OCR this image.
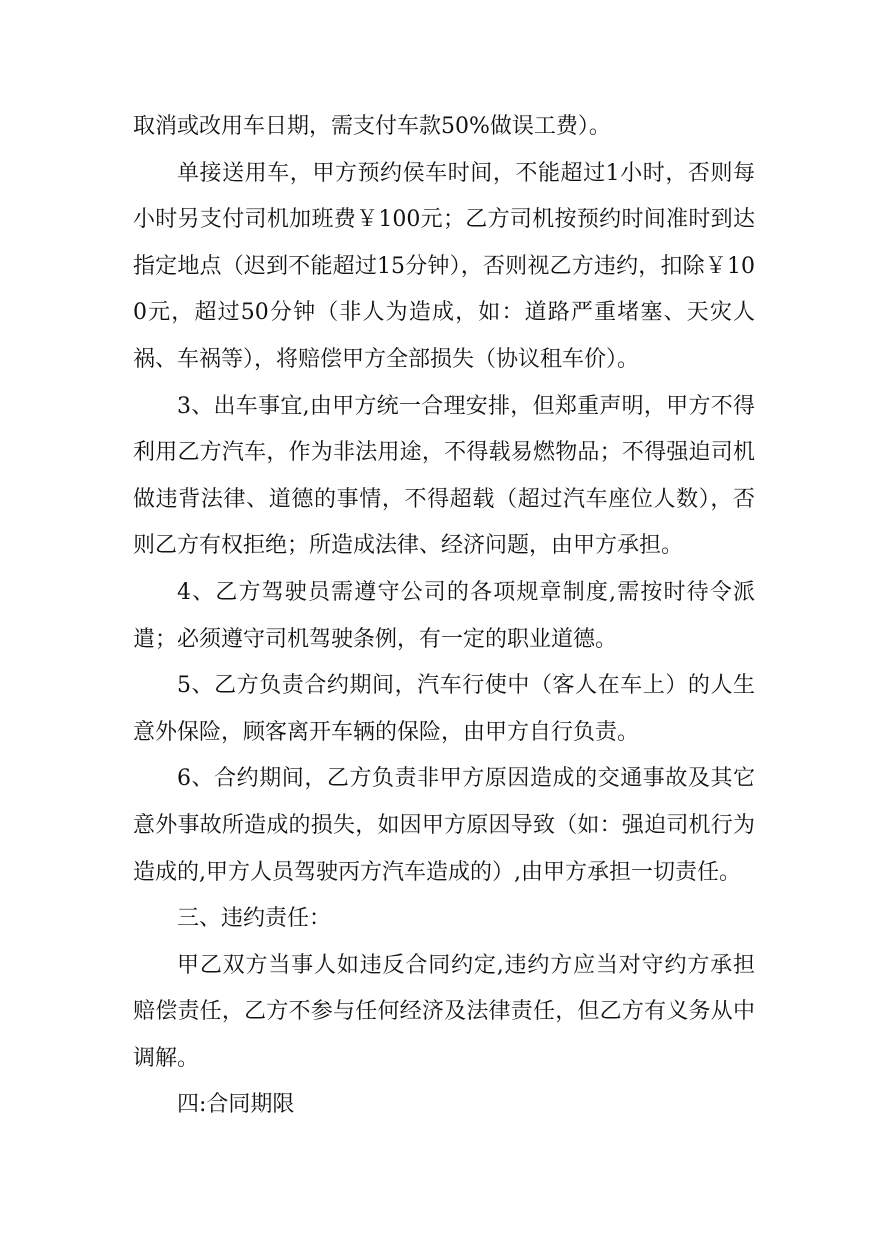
取消或改用车日期，需支付车款50%做误工费）。

单接送用车，甲方预约侯车时间，不能超过1小时，否则每小时另支付司机加班费￥100元；乙方司机按预约时间准时到达指定地点（迟到不能超过15分钟），否则视乙方违约，扣除￥100元，超过50分钟（非人为造成，如：道路严重堵塞、天灾人祸、车祸等），将赔偿甲方全部损失（协议租车价）。

3、出车事宜,由甲方统一合理安排，但郑重声明，甲方不得利用乙方汽车，作为非法用途，不得载易燃物品；不得强迫司机做违背法律、道德的事情，不得超载（超过汽车座位人数），否则乙方有权拒绝；所造成法律、经济问题，由甲方承担。

4、乙方驾驶员需遵守公司的各项规章制度,需按时待令派遣；必须遵守司机驾驶条例，有一定的职业道德。

5、乙方负责合约期间，汽车行使中（客人在车上）的人生意外保险，顾客离开车辆的保险，由甲方自行负责。

6、合约期间，乙方负责非甲方原因造成的交通事故及其它意外事故所造成的损失，如因甲方原因导致（如：强迫司机行为造成的,甲方人员驾驶丙方汽车造成的）,由甲方承担一切责任。

三、违约责任：

甲乙双方当事人如违反合同约定,违约方应当对守约方承担赔偿责任，乙方不参与任何经济及法律责任，但乙方有义务从中调解。

四:合同期限
